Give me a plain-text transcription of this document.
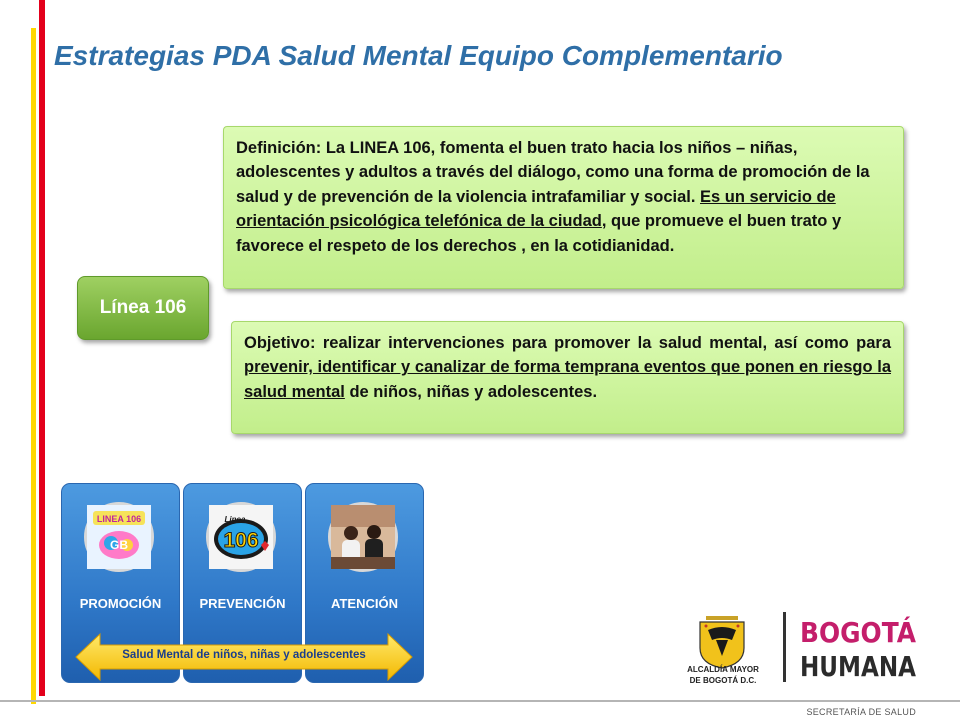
Estrategias PDA Salud Mental Equipo Complementario
Definición: La LINEA 106, fomenta el buen trato hacia los niños – niñas, adolescentes y adultos a través del diálogo, como una forma de promoción de la salud y de prevención de la violencia intrafamiliar y social. Es un servicio de orientación psicológica telefónica de la ciudad, que promueve el buen trato y favorece el respeto de los derechos , en la cotidianidad.
Línea 106
Objetivo: realizar intervenciones para promover la salud mental, así como para prevenir, identificar y canalizar de forma temprana eventos que ponen en riesgo la salud mental de niños, niñas y adolescentes.
LINEA 106
GB
PROMOCIÓN
106
Linea
PREVENCIÓN	ATENCIÓN
Salud Mental de niños, niñas y adolescentes
ALCALDÍA MAYOR
DE BOGOTÁ D.C.
BOGOTÁ
HUMANA
SECRETARÍA DE SALUD
